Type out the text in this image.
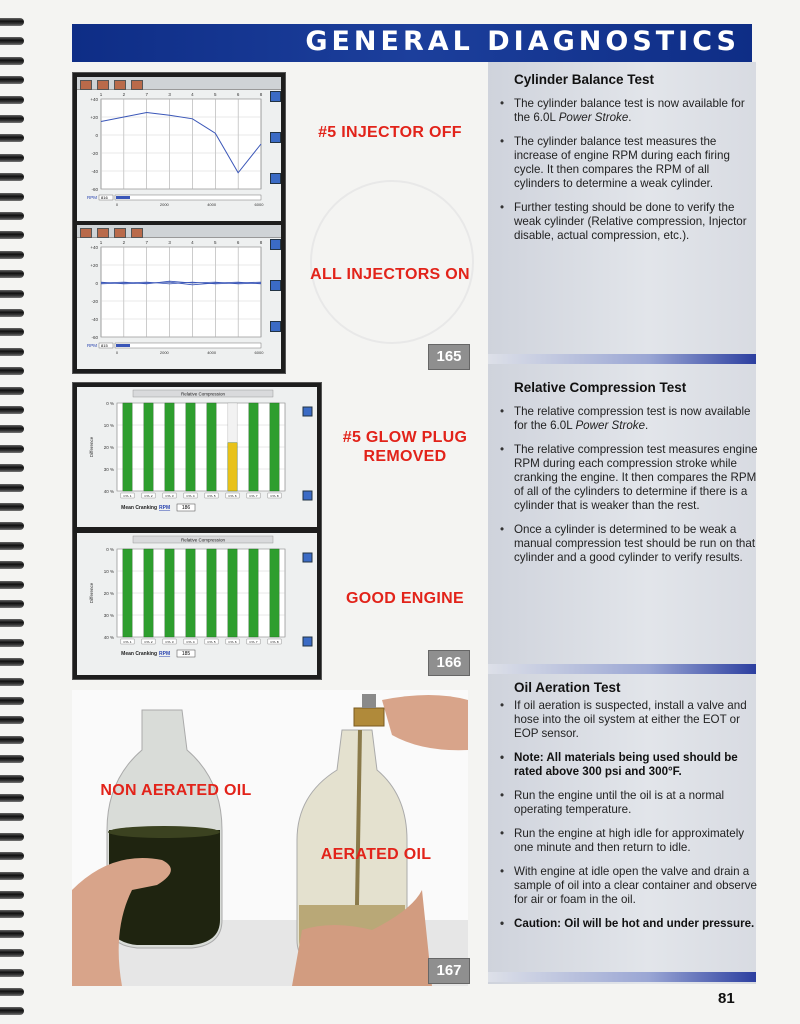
GENERAL DIAGNOSTICS
Cylinder Balance Test
• The cylinder balance test is now available for the 6.0L Power Stroke.
• The cylinder balance test measures the increase of engine RPM during each firing cycle. It then compares the RPM of all cylinders to determine a weak cylinder.
• Further testing should be done to verify the weak cylinder (Relative compression, Injector disable, actual compression, etc.).
Relative Compression Test
• The relative compression test is now available for the 6.0L Power Stroke.
• The relative compression test measures engine RPM during each compression stroke while cranking the engine. It then compares the RPM of all of the cylinders to determine if there is a cylinder that is weaker than the rest.
• Once a cylinder is determined to be weak a manual compression test should be run on that cylinder and a good cylinder to verify results.
Oil Aeration Test
• If oil aeration is suspected, install a valve and hose into the oil system at either the EOT or EOP sensor.
• Note: All materials being used should be rated above 300 psi and 300°F.
• Run the engine until the oil is at a normal operating temperature.
• Run the engine at high idle for approximately one minute and then return to idle.
• With engine at idle open the valve and drain a sample of oil into a clear container and observe for air or foam in the oil.
• Caution: Oil will be hot and under pressure.
1	2	7	3	4	5	6	8
+40
+20
0
-20
-40
-60
RPM 816
0	2000	4000	6000
1	2	7	3	4	5	6	8
+40
+20
0
-20
-40
-60
RPM 815
0	2000	4000	6000
#5 INJECTOR OFF
ALL INJECTORS ON
165
Relative Compression
Difference
0 %
10 %
20 %
30 %
40 %
CYL 1	CYL 2	CYL 3	CYL 4	CYL 5	CYL 6	CYL 7	CYL 8
Mean Cranking RPM 186
Relative Compression
Difference
0 %
10 %
20 %
30 %
40 %
CYL 1	CYL 2	CYL 3	CYL 4	CYL 5	CYL 6	CYL 7	CYL 8
Mean Cranking RPM 185
#5 GLOW PLUG REMOVED
GOOD ENGINE
166
NON AERATED OIL
AERATED OIL
167
81
